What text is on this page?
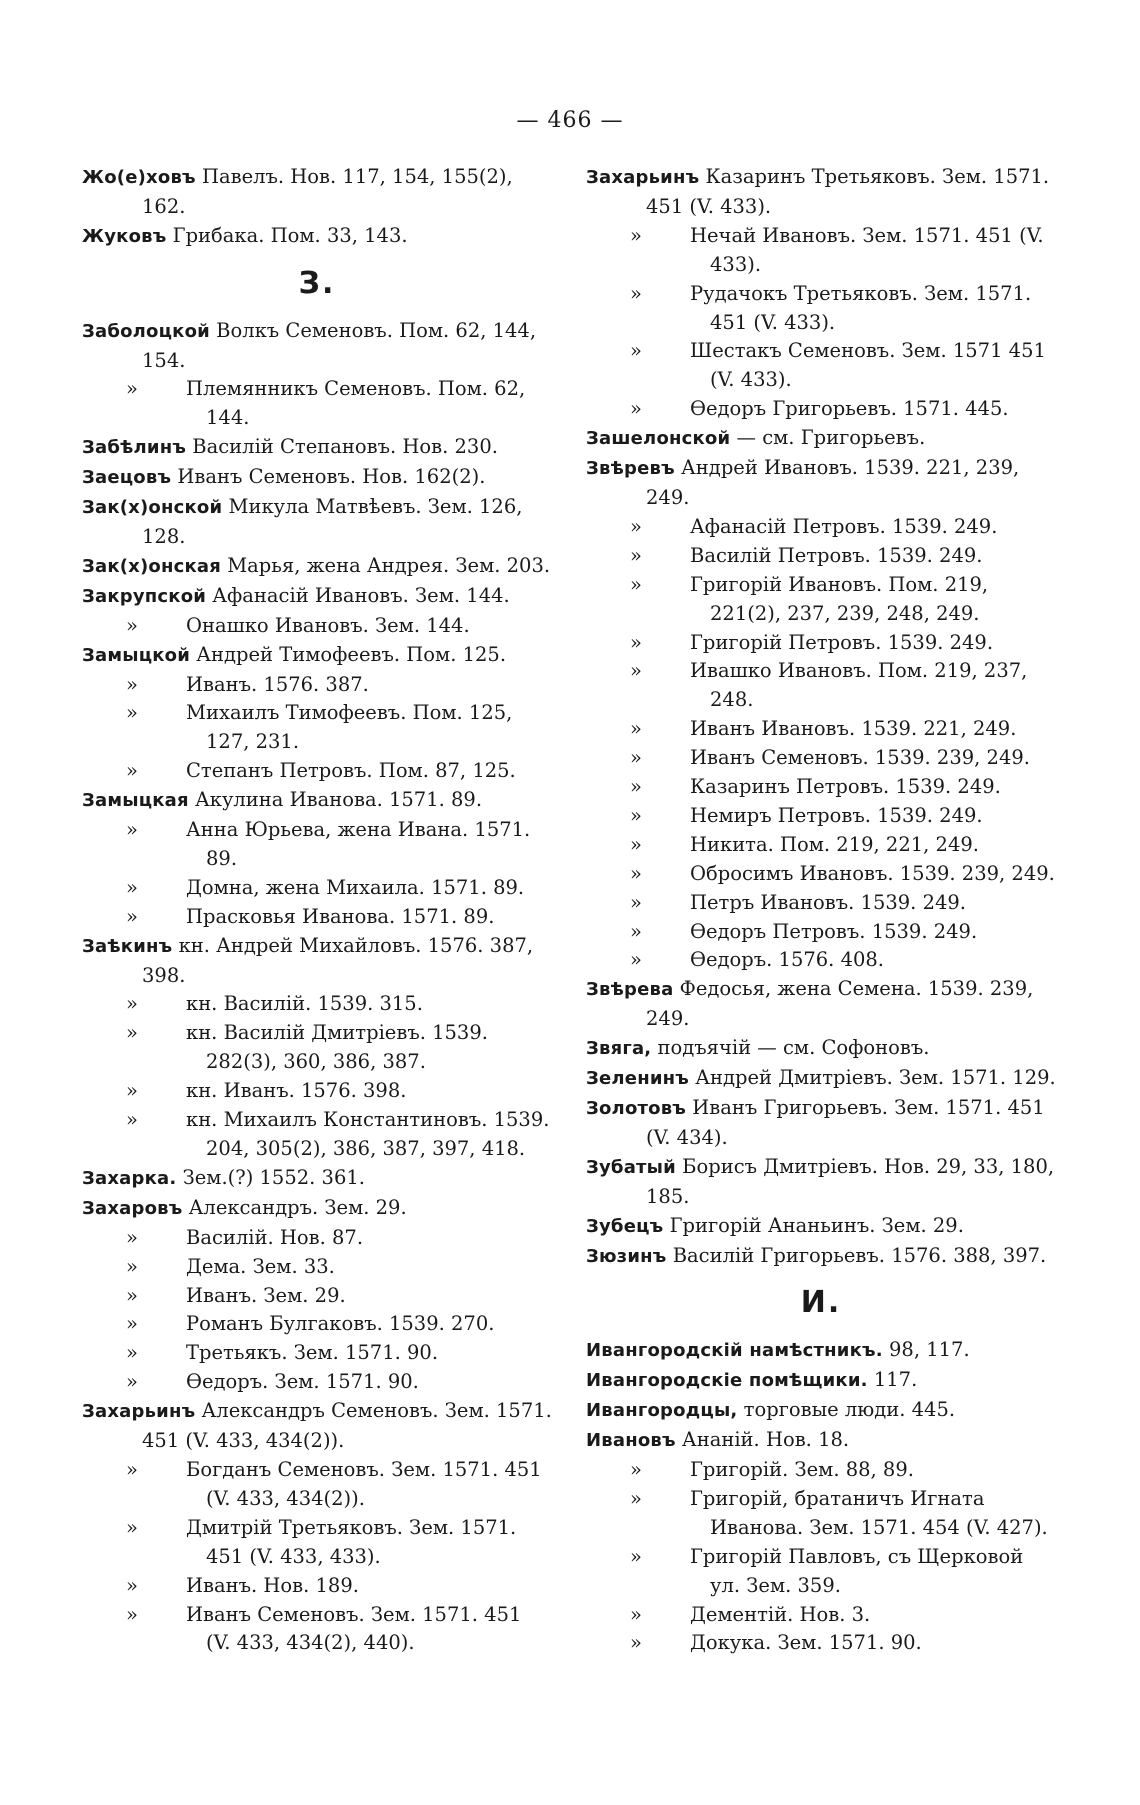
— 466 —
Жо(е)ховъ Павелъ. Нов. 117, 154, 155(2), 162.
Жуковъ Грибака. Пом. 33, 143.
З.
Заболоцкой Волкъ Семеновъ. Пом. 62, 144, 154.
» Племянникъ Семеновъ. Пом. 62, 144.
Забѣлинъ Василій Степановъ. Нов. 230.
Заецовъ Иванъ Семеновъ. Нов. 162(2).
Зак(х)онской Микула Матвѣевъ. Зем. 126, 128.
Зак(х)онская Марья, жена Андрея. Зем. 203.
Закрупской Афанасій Ивановъ. Зем. 144.
» Онашко Ивановъ. Зем. 144.
Замыцкой Андрей Тимофеевъ. Пом. 125.
» Иванъ. 1576. 387.
» Михаилъ Тимофеевъ. Пом. 125, 127, 231.
» Степанъ Петровъ. Пом. 87, 125.
Замыцкая Акулина Иванова. 1571. 89.
» Анна Юрьева, жена Ивана. 1571. 89.
» Домна, жена Михаила. 1571. 89.
» Прасковья Иванова. 1571. 89.
Заѣкинъ кн. Андрей Михайловъ. 1576. 387, 398.
» кн. Василій. 1539. 315.
» кн. Василій Дмитріевъ. 1539. 282(3), 360, 386, 387.
» кн. Иванъ. 1576. 398.
» кн. Михаилъ Константиновъ. 1539. 204, 305(2), 386, 387, 397, 418.
Захарка. Зем.(?) 1552. 361.
Захаровъ Александръ. Зем. 29.
» Василій. Нов. 87.
» Дема. Зем. 33.
» Иванъ. Зем. 29.
» Романъ Булгаковъ. 1539. 270.
» Третьякъ. Зем. 1571. 90.
» Ѳедоръ. Зем. 1571. 90.
Захарьинъ Александръ Семеновъ. Зем. 1571. 451 (V. 433, 434(2)).
» Богданъ Семеновъ. Зем. 1571. 451 (V. 433, 434(2)).
» Дмитрій Третьяковъ. Зем. 1571. 451 (V. 433, 433).
» Иванъ. Нов. 189.
» Иванъ Семеновъ. Зем. 1571. 451 (V. 433, 434(2), 440).
Захарьинъ Казаринъ Третьяковъ. Зем. 1571. 451 (V. 433).
» Нечай Ивановъ. Зем. 1571. 451 (V. 433).
» Рудачокъ Третьяковъ. Зем. 1571. 451 (V. 433).
» Шестакъ Семеновъ. Зем. 1571 451 (V. 433).
» Ѳедоръ Григорьевъ. 1571. 445.
Зашелонской — см. Григорьевъ.
Звѣревъ Андрей Ивановъ. 1539. 221, 239, 249.
» Афанасій Петровъ. 1539. 249.
» Василій Петровъ. 1539. 249.
» Григорій Ивановъ. Пом. 219, 221(2), 237, 239, 248, 249.
» Григорій Петровъ. 1539. 249.
» Ивашко Ивановъ. Пом. 219, 237, 248.
» Иванъ Ивановъ. 1539. 221, 249.
» Иванъ Семеновъ. 1539. 239, 249.
» Казаринъ Петровъ. 1539. 249.
» Немиръ Петровъ. 1539. 249.
» Никита. Пом. 219, 221, 249.
» Обросимъ Ивановъ. 1539. 239, 249.
» Петръ Ивановъ. 1539. 249.
» Ѳедоръ Петровъ. 1539. 249.
» Ѳедоръ. 1576. 408.
Звѣрева Федосья, жена Семена. 1539. 239, 249.
Звяга, подъячій — см. Софоновъ.
Зеленинъ Андрей Дмитріевъ. Зем. 1571. 129.
Золотовъ Иванъ Григорьевъ. Зем. 1571. 451 (V. 434).
Зубатый Борисъ Дмитріевъ. Нов. 29, 33, 180, 185.
Зубецъ Григорій Ананьинъ. Зем. 29.
Зюзинъ Василій Григорьевъ. 1576. 388, 397.
И.
Ивангородскій намѣстникъ. 98, 117.
Ивангородскіе помѣщики. 117.
Ивангородцы, торговые люди. 445.
Ивановъ Ананій. Нов. 18.
» Григорій. Зем. 88, 89.
» Григорій, братаничъ Игната Иванова. Зем. 1571. 454 (V. 427).
» Григорій Павловъ, съ Щерковой ул. Зем. 359.
» Дементій. Нов. 3.
» Докука. Зем. 1571. 90.
